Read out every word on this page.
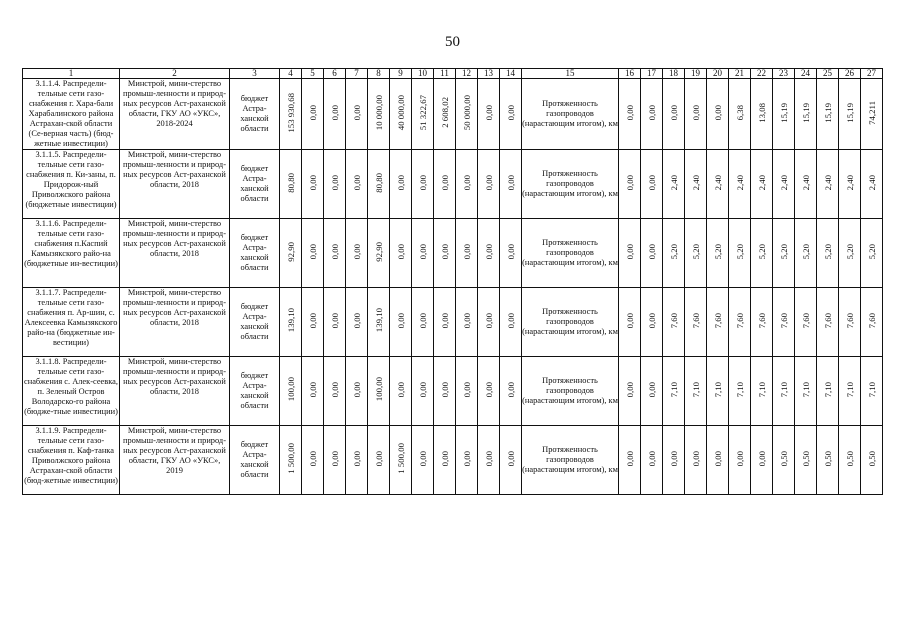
50
1	2	3	4	5	6	7	8	9	10	11	12	13	14	15	16	17	18	19	20	21	22	23	24	25	26	27
3.1.1.4. Распредели-тельные сети газо-снабжения г. Хара-бали Харабалинского района Астрахан-ской области (Се-верная часть) (бюд-жетные инвестиции)	Минстрой, мини-стерство промыш-ленности и природ-ных ресурсов Аст-раханской области, ГКУ АО «УКС», 2018-2024	бюджет Астра-ханской области	153 930,68	0,00	0,00	0,00	10 000,00	40 000,00	51 322,67	2 608,02	50 000,00	0,00	0,00	Протяженность газопроводов (нарастающим итогом), км	0,00	0,00	0,00	0,00	0,00	6,38	13,08	15,19	15,19	15,19	15,19	74,211
3.1.1.5. Распредели-тельные сети газо-снабжения п. Ки-заны, п. Придорож-ный Приволжского района (бюджетные инвестиции)	Минстрой, мини-стерство промыш-ленности и природ-ных ресурсов Аст-раханской области, 2018	бюджет Астра-ханской области	80,80	0,00	0,00	0,00	80,80	0,00	0,00	0,00	0,00	0,00	0,00	Протяженность газопроводов (нарастающим итогом), км	0,00	0,00	2,40	2,40	2,40	2,40	2,40	2,40	2,40	2,40	2,40	2,40
3.1.1.6. Распредели-тельные сети газо-снабжения п.Каспий Камызякского райо-на (бюджетные ин-вестиции)	Минстрой, мини-стерство промыш-ленности и природ-ных ресурсов Аст-раханской области, 2018	бюджет Астра-ханской области	92,90	0,00	0,00	0,00	92,90	0,00	0,00	0,00	0,00	0,00	0,00	Протяженность газопроводов (нарастающим итогом), км	0,00	0,00	5,20	5,20	5,20	5,20	5,20	5,20	5,20	5,20	5,20	5,20
3.1.1.7. Распредели-тельные сети газо-снабжения п. Ар-шин, с. Алексеевка Камызякского райо-на (бюджетные ин-вестиции)	Минстрой, мини-стерство промыш-ленности и природ-ных ресурсов Аст-раханской области, 2018	бюджет Астра-ханской области	139,10	0,00	0,00	0,00	139,10	0,00	0,00	0,00	0,00	0,00	0,00	Протяженность газопроводов (нарастающим итогом), км	0,00	0,00	7,60	7,60	7,60	7,60	7,60	7,60	7,60	7,60	7,60	7,60
3.1.1.8. Распредели-тельные сети газо-снабжения с. Алек-сеевка, п. Зеленый Остров Володарско-го района (бюдже-тные инвестиции)	Минстрой, мини-стерство промыш-ленности и природ-ных ресурсов Аст-раханской области, 2018	бюджет Астра-ханской области	100,00	0,00	0,00	0,00	100,00	0,00	0,00	0,00	0,00	0,00	0,00	Протяженность газопроводов (нарастающим итогом), км	0,00	0,00	7,10	7,10	7,10	7,10	7,10	7,10	7,10	7,10	7,10	7,10
3.1.1.9. Распредели-тельные сети газо-снабжения п. Каф-танка Приволжского района Астрахан-ской области (бюд-жетные инвестиции)	Минстрой, мини-стерство промыш-ленности и природ-ных ресурсов Аст-раханской области, ГКУ АО «УКС», 2019	бюджет Астра-ханской области	1 500,00	0,00	0,00	0,00	0,00	1 500,00	0,00	0,00	0,00	0,00	0,00	Протяженность газопроводов (нарастающим итогом), км	0,00	0,00	0,00	0,00	0,00	0,00	0,00	0,50	0,50	0,50	0,50	0,50
